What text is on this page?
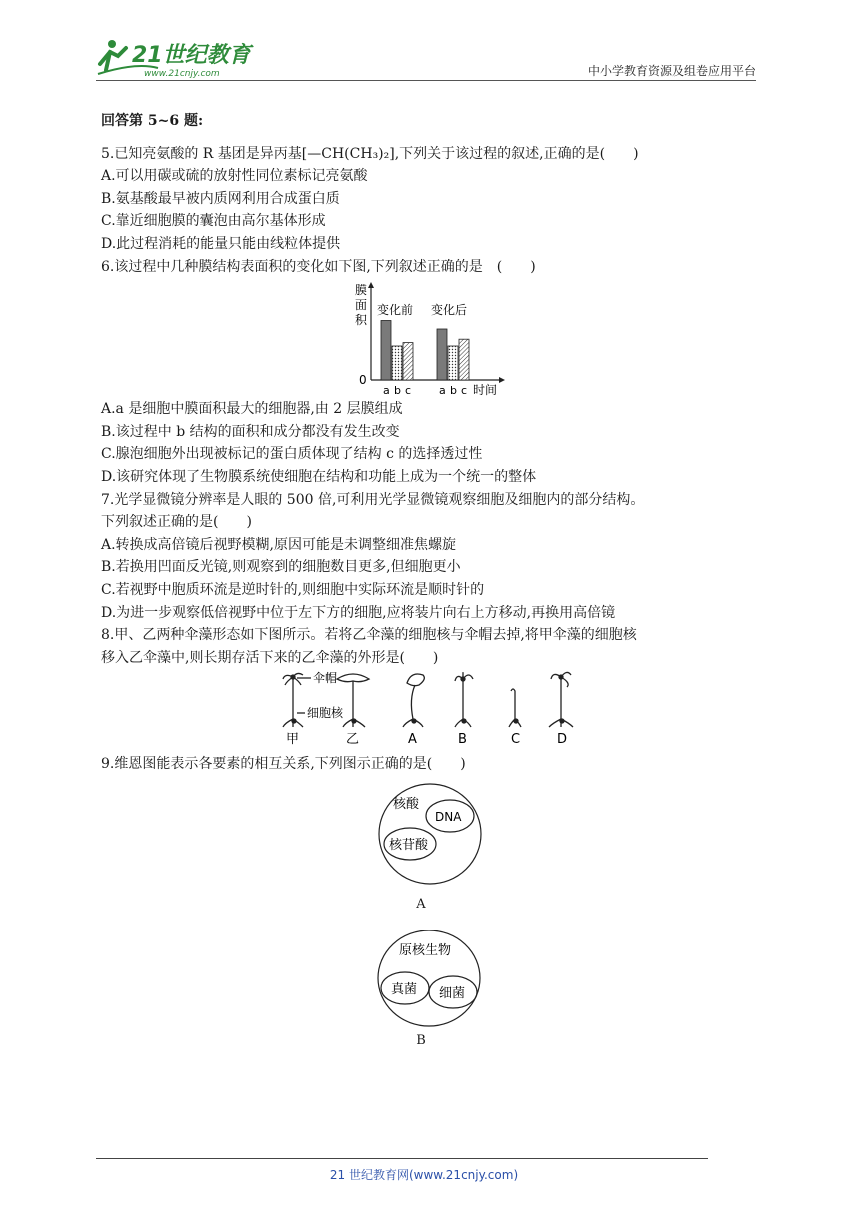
21世纪教育
www.21cnjy.com	中小学教育资源及组卷应用平台
回答第 5~6 题:
5.已知亮氨酸的 R 基团是异丙基[—CH(CH₃)₂],下列关于该过程的叙述,正确的是(　　)
A.可以用碳或硫的放射性同位素标记亮氨酸
B.氨基酸最早被内质网利用合成蛋白质
C.靠近细胞膜的囊泡由高尔基体形成
D.此过程消耗的能量只能由线粒体提供
6.该过程中几种膜结构表面积的变化如下图,下列叙述正确的是　(　　)
膜
面
积
0
变化前 变化后
a b c	a b c 时间
A.a 是细胞中膜面积最大的细胞器,由 2 层膜组成
B.该过程中 b 结构的面积和成分都没有发生改变
C.腺泡细胞外出现被标记的蛋白质体现了结构 c 的选择透过性
D.该研究体现了生物膜系统使细胞在结构和功能上成为一个统一的整体
7.光学显微镜分辨率是人眼的 500 倍,可利用光学显微镜观察细胞及细胞内的部分结构。
下列叙述正确的是(　　)
A.转换成高倍镜后视野模糊,原因可能是未调整细准焦螺旋
B.若换用凹面反光镜,则观察到的细胞数目更多,但细胞更小
C.若视野中胞质环流是逆时针的,则细胞中实际环流是顺时针的
D.为进一步观察低倍视野中位于左下方的细胞,应将装片向右上方移动,再换用高倍镜
8.甲、乙两种伞藻形态如下图所示。若将乙伞藻的细胞核与伞帽去掉,将甲伞藻的细胞核
移入乙伞藻中,则长期存活下来的乙伞藻的外形是(　　)
伞帽
细胞核
甲	乙	A	B	C	D
9.维恩图能表示各要素的相互关系,下列图示正确的是(　　)
核酸
DNA
核苷酸
A
原核生物
真菌 细菌
B
21 世纪教育网(www.21cnjy.com)
